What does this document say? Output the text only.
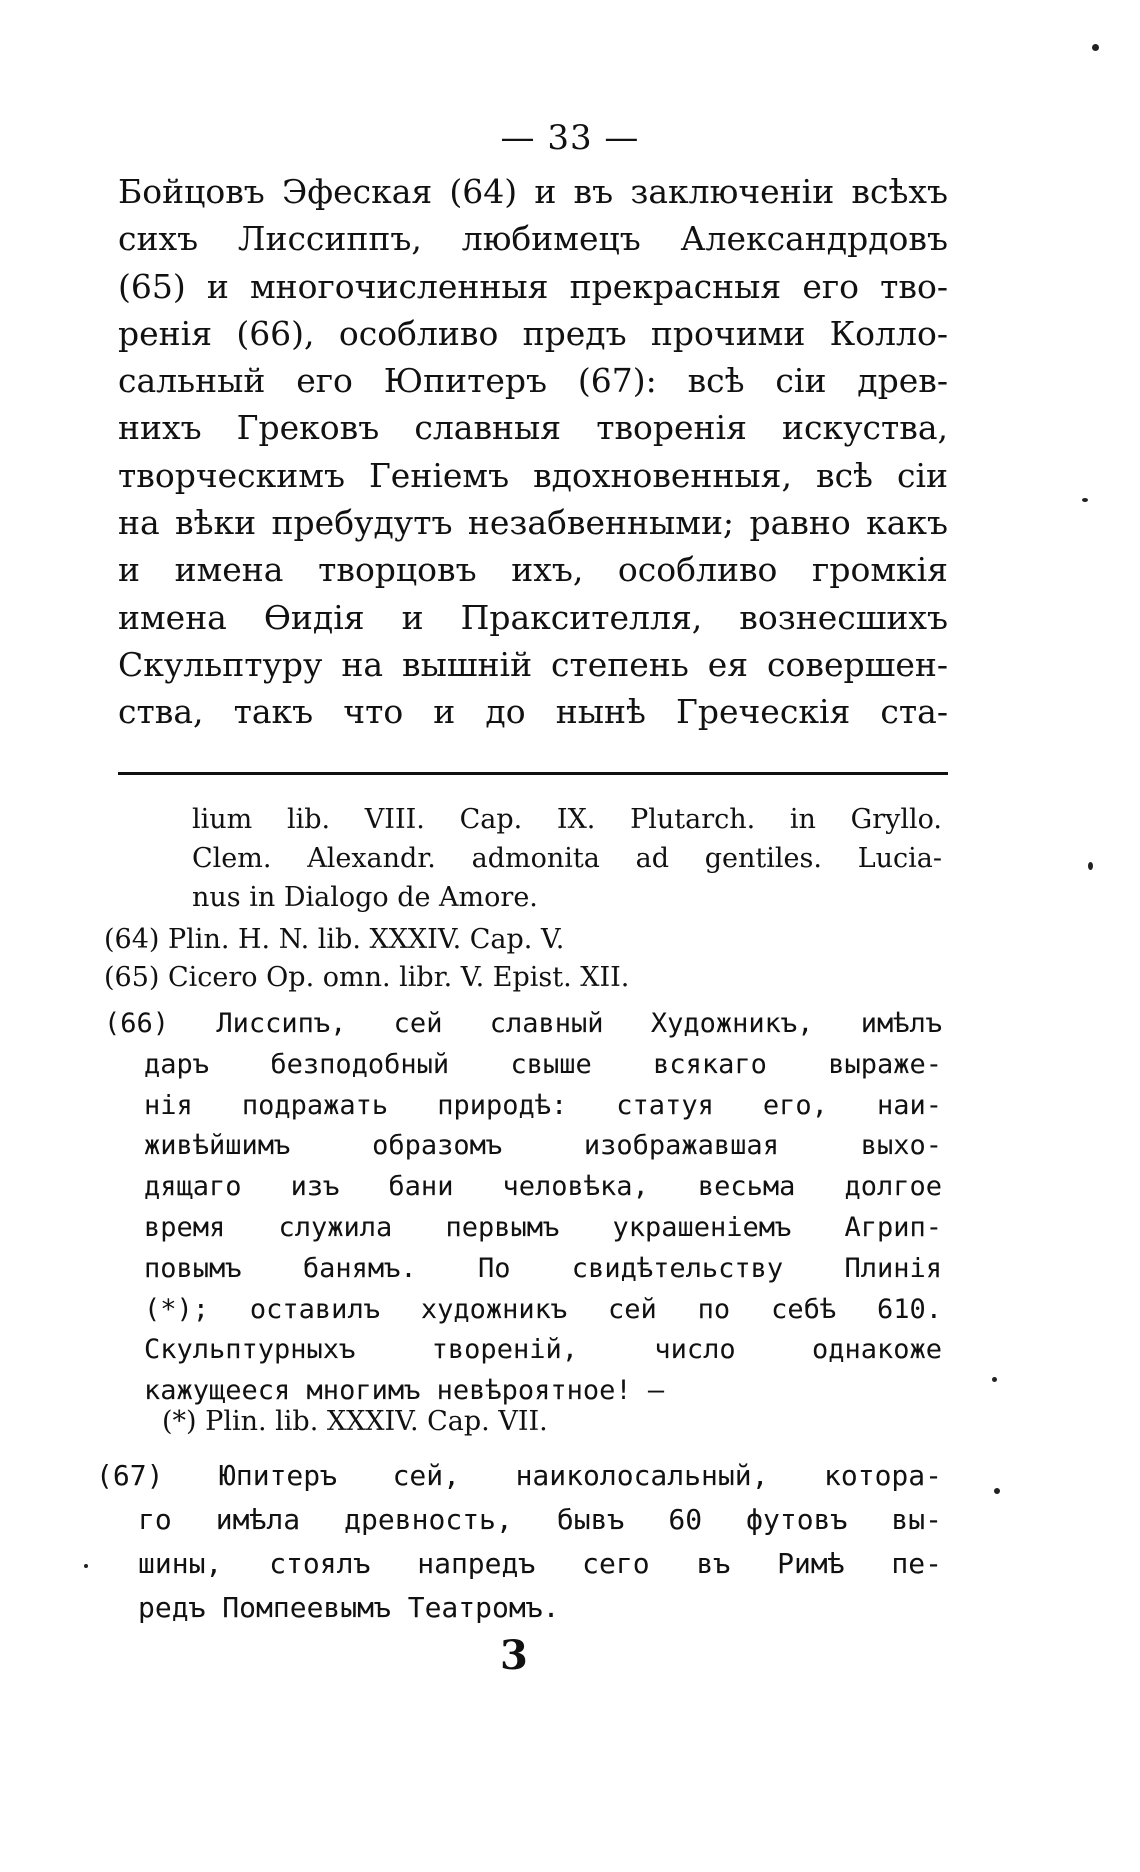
— 33 —
Бойцовъ Эфеская (64) и въ заключеніи всѣхъ
сихъ Лиссиппъ, любимецъ Александрдовъ
(65) и многочисленныя прекрасныя его тво-
ренія (66), особливо предъ прочими Колло-
сальный его Юпитеръ (67): всѣ сіи древ-
нихъ Грековъ славныя творенія искуства,
творческимъ Геніемъ вдохновенныя, всѣ сіи
на вѣки пребудутъ незабвенными; равно какъ
и имена творцовъ ихъ, особливо громкія
имена Ѳидія и Праксителля, вознесшихъ
Скульптуру на вышній степень ея совершен-
ства, такъ что и до нынѣ Греческія ста-
lium lib. VIII. Cap. IX. Plutarch. in Gryllo.
Clem. Alexandr. admonita ad gentiles. Lucia-
nus in Dialogo de Amore.
(64) Plin. H. N. lib. XXXIV. Cap. V.
(65) Cicero Op. omn. libr. V. Epist. XII.
(66) Лиссипъ, сей славный Художникъ, имѣлъ
даръ безподобный свыше всякаго выраже-
нія подражать природѣ: статуя его, наи-
живѣйшимъ образомъ изображавшая выхо-
дящаго изъ бани человѣка, весьма долгое
время служила первымъ украшеніемъ Агрип-
повымъ банямъ. По свидѣтельству Плинія
(*); оставилъ художникъ сей по себѣ 610.
Скульптурныхъ твореній, число однакоже
кажущееся многимъ невѣроятное! —
(*) Plin. lib. XXXIV. Cap. VII.
(67) Юпитеръ сей, наиколосальный, котора-
го имѣла древность, бывъ 60 футовъ вы-
шины, стоялъ напредъ сего въ Римѣ пе-
редъ Помпеевымъ Театромъ.
3
